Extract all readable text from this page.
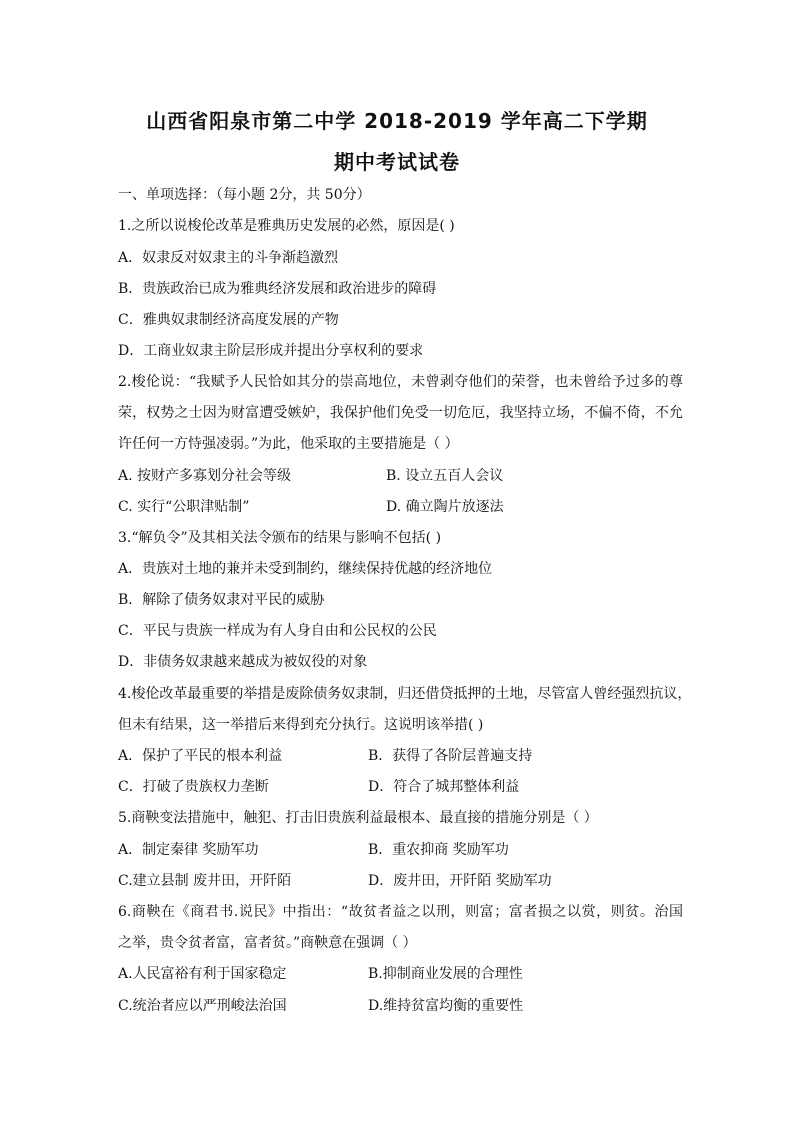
山西省阳泉市第二中学 2018-2019 学年高二下学期
期中考试试卷
一、单项选择：（每小题 2分，共 50分）
1.之所以说梭伦改革是雅典历史发展的必然，原因是( )
A．奴隶反对奴隶主的斗争渐趋激烈
B．贵族政治已成为雅典经济发展和政治进步的障碍
C．雅典奴隶制经济高度发展的产物
D．工商业奴隶主阶层形成并提出分享权利的要求
2.梭伦说：“我赋予人民恰如其分的崇高地位，未曾剥夺他们的荣誉，也未曾给予过多的尊
荣，权势之士因为财富遭受嫉妒，我保护他们免受一切危厄，我坚持立场，不偏不倚，不允
许任何一方恃强凌弱。”为此，他采取的主要措施是（ ）
A. 按财产多寡划分社会等级	B. 设立五百人会议
C. 实行“公职津贴制”	D. 确立陶片放逐法
3.“解负令”及其相关法令颁布的结果与影响不包括( )
A．贵族对土地的兼并未受到制约，继续保持优越的经济地位
B．解除了债务奴隶对平民的威胁
C．平民与贵族一样成为有人身自由和公民权的公民
D．非债务奴隶越来越成为被奴役的对象
4.梭伦改革最重要的举措是废除债务奴隶制，归还借贷抵押的土地，尽管富人曾经强烈抗议，
但未有结果，这一举措后来得到充分执行。这说明该举措( )
A．保护了平民的根本利益	B．获得了各阶层普遍支持
C．打破了贵族权力垄断	D．符合了城邦整体利益
5.商鞅变法措施中，触犯、打击旧贵族利益最根本、最直接的措施分别是（ ）
A．制定秦律 奖励军功	B．重农抑商 奖励军功
C.建立县制 废井田，开阡陌	D．废井田，开阡陌 奖励军功
6.商鞅在《商君书.说民》中指出：“故贫者益之以刑，则富；富者损之以赏，则贫。治国
之举，贵令贫者富，富者贫。”商鞅意在强调（ ）
A.人民富裕有利于国家稳定	B.抑制商业发展的合理性
C.统治者应以严刑峻法治国	D.维持贫富均衡的重要性
